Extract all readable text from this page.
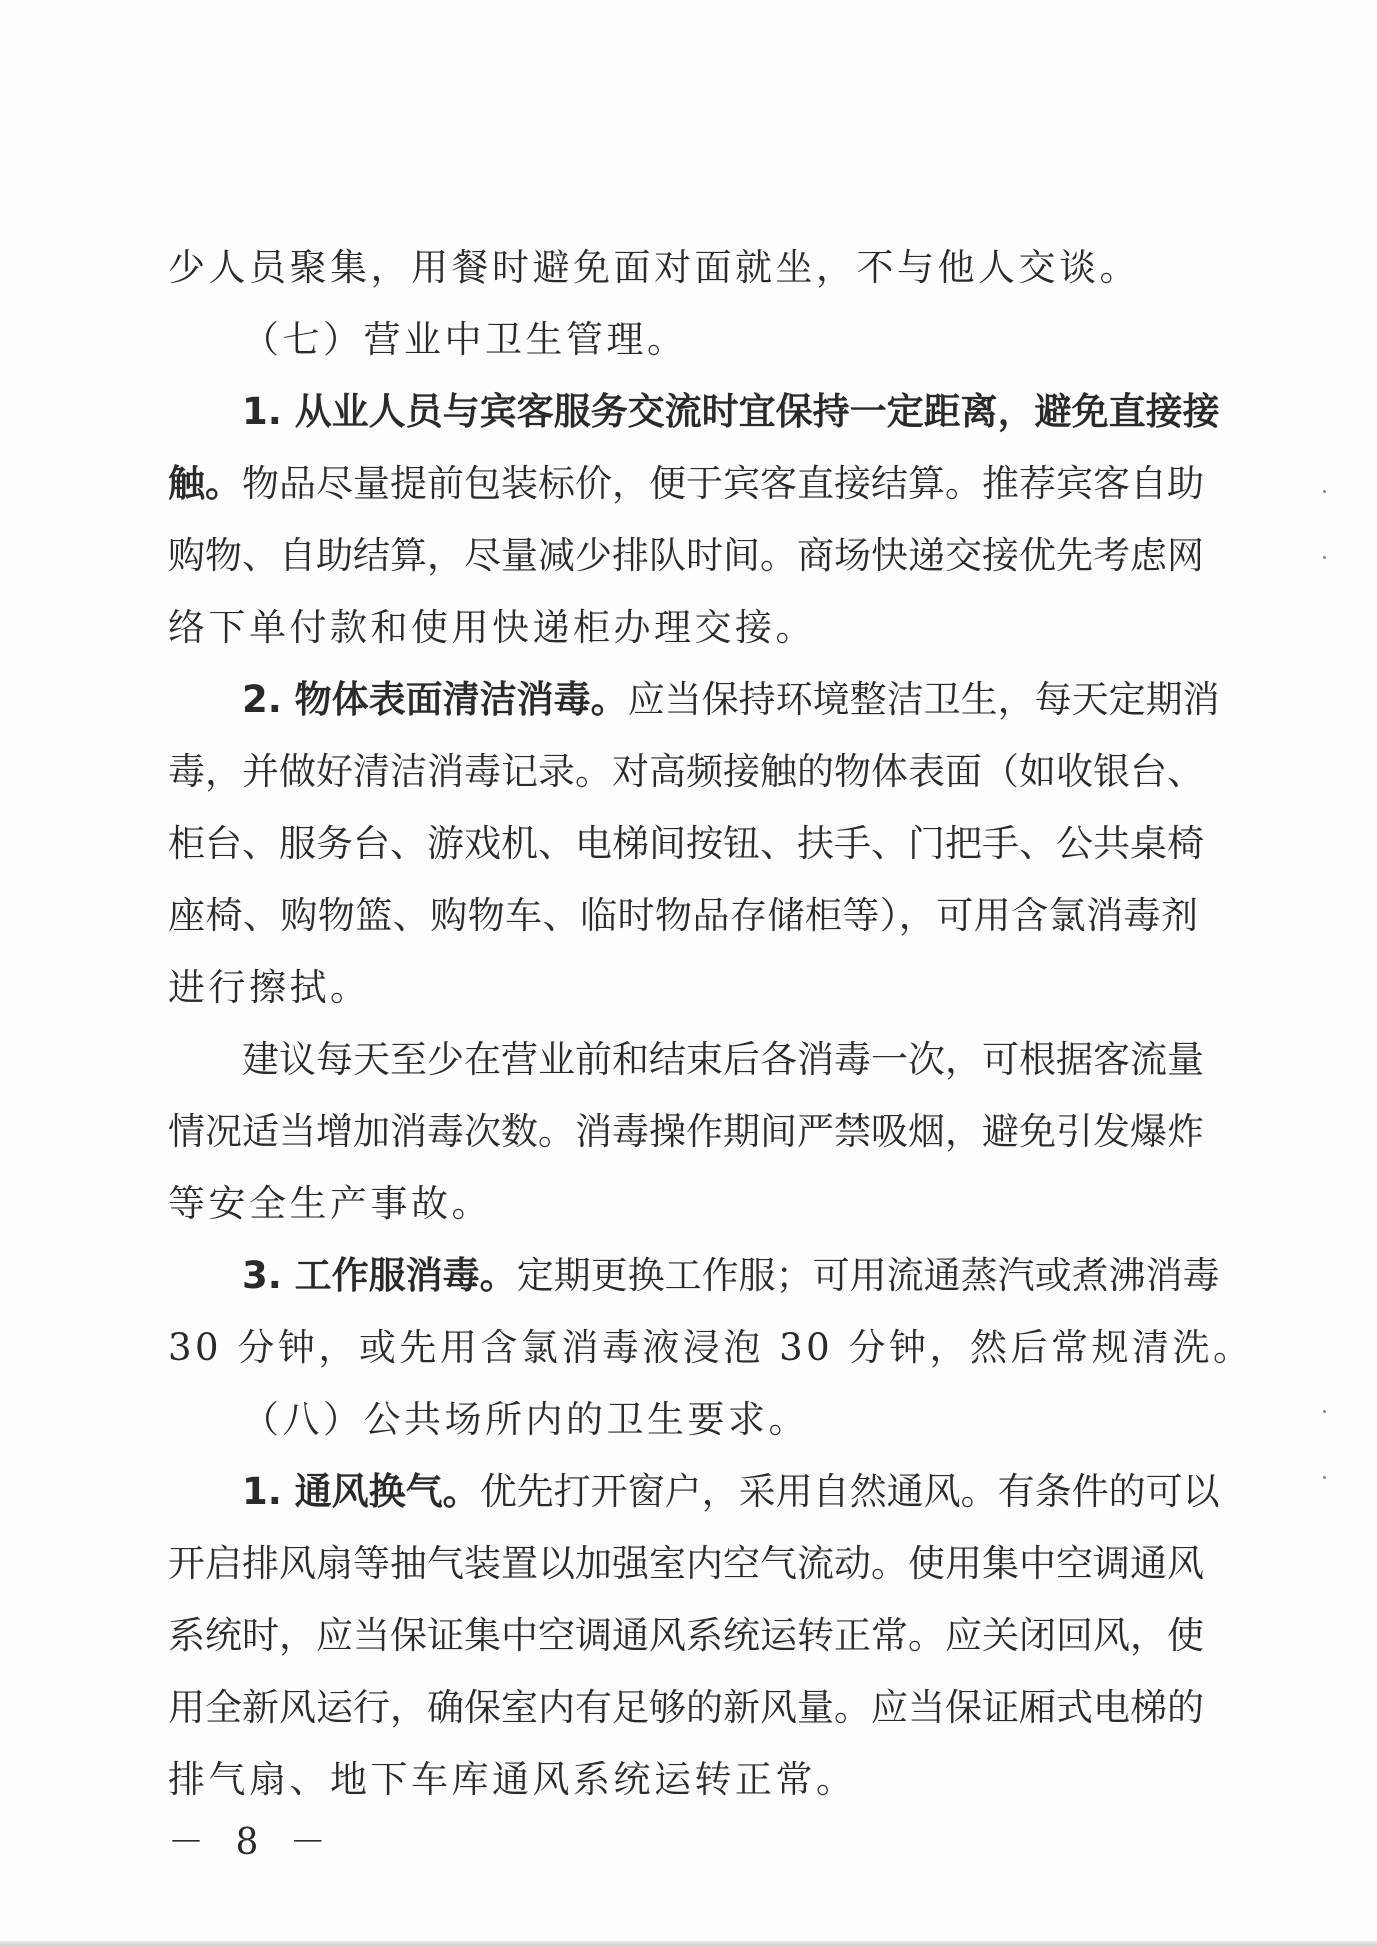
少人员聚集，用餐时避免面对面就坐，不与他人交谈。
（七）营业中卫生管理。
1. 从业人员与宾客服务交流时宜保持一定距离，避免直接接
触。物品尽量提前包装标价，便于宾客直接结算。推荐宾客自助
购物、自助结算，尽量减少排队时间。商场快递交接优先考虑网
络下单付款和使用快递柜办理交接。
2. 物体表面清洁消毒。应当保持环境整洁卫生，每天定期消
毒，并做好清洁消毒记录。对高频接触的物体表面（如收银台、
柜台、服务台、游戏机、电梯间按钮、扶手、门把手、公共桌椅
座椅、购物篮、购物车、临时物品存储柜等），可用含氯消毒剂
进行擦拭。
建议每天至少在营业前和结束后各消毒一次，可根据客流量
情况适当增加消毒次数。消毒操作期间严禁吸烟，避免引发爆炸
等安全生产事故。
3. 工作服消毒。定期更换工作服；可用流通蒸汽或煮沸消毒
30 分钟，或先用含氯消毒液浸泡 30 分钟，然后常规清洗。
（八）公共场所内的卫生要求。
1. 通风换气。优先打开窗户，采用自然通风。有条件的可以
开启排风扇等抽气装置以加强室内空气流动。使用集中空调通风
系统时，应当保证集中空调通风系统运转正常。应关闭回风，使
用全新风运行，确保室内有足够的新风量。应当保证厢式电梯的
排气扇、地下车库通风系统运转正常。
－ 8 －
